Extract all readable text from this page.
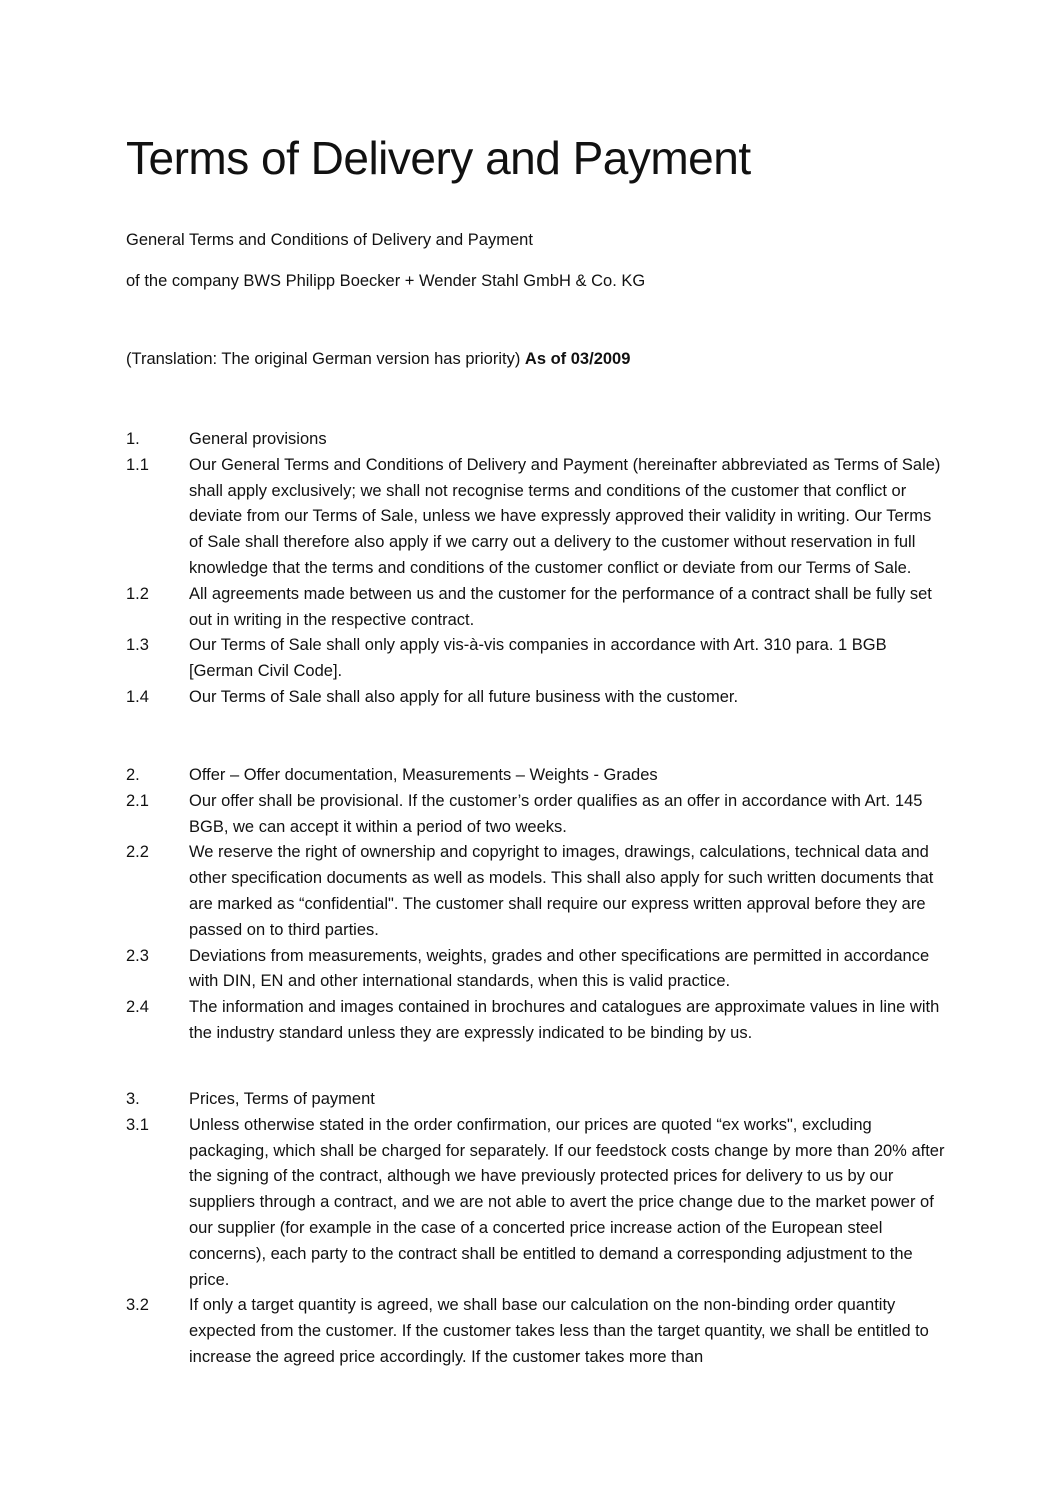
Terms of Delivery and Payment
General Terms and Conditions of Delivery and Payment
of the company BWS Philipp Boecker + Wender Stahl GmbH & Co. KG
(Translation: The original German version has priority) As of 03/2009
1.	General provisions
1.1	Our General Terms and Conditions of Delivery and Payment (hereinafter abbreviated as Terms of Sale) shall apply exclusively; we shall not recognise terms and conditions of the customer that conflict or deviate from our Terms of Sale, unless we have expressly approved their validity in writing. Our Terms of Sale shall therefore also apply if we carry out a delivery to the customer without reservation in full knowledge that the terms and conditions of the customer conflict or deviate from our Terms of Sale.
1.2	All agreements made between us and the customer for the performance of a contract shall be fully set out in writing in the respective contract.
1.3	Our Terms of Sale shall only apply vis-à-vis companies in accordance with Art. 310 para. 1 BGB [German Civil Code].
1.4	Our Terms of Sale shall also apply for all future business with the customer.
2.	Offer – Offer documentation, Measurements – Weights - Grades
2.1	Our offer shall be provisional. If the customer’s order qualifies as an offer in accordance with Art. 145 BGB, we can accept it within a period of two weeks.
2.2	We reserve the right of ownership and copyright to images, drawings, calculations, technical data and other specification documents as well as models. This shall also apply for such written documents that are marked as “confidential". The customer shall require our express written approval before they are passed on to third parties.
2.3	Deviations from measurements, weights, grades and other specifications are permitted in accordance with DIN, EN and other international standards, when this is valid practice.
2.4	The information and images contained in brochures and catalogues are approximate values in line with the industry standard unless they are expressly indicated to be binding by us.
3.	Prices, Terms of payment
3.1	Unless otherwise stated in the order confirmation, our prices are quoted “ex works", excluding packaging, which shall be charged for separately. If our feedstock costs change by more than 20% after the signing of the contract, although we have previously protected prices for delivery to us by our suppliers through a contract, and we are not able to avert the price change due to the market power of our supplier (for example in the case of a concerted price increase action of the European steel concerns), each party to the contract shall be entitled to demand a corresponding adjustment to the price.
3.2	If only a target quantity is agreed, we shall base our calculation on the non-binding order quantity expected from the customer. If the customer takes less than the target quantity, we shall be entitled to increase the agreed price accordingly. If the customer takes more than
